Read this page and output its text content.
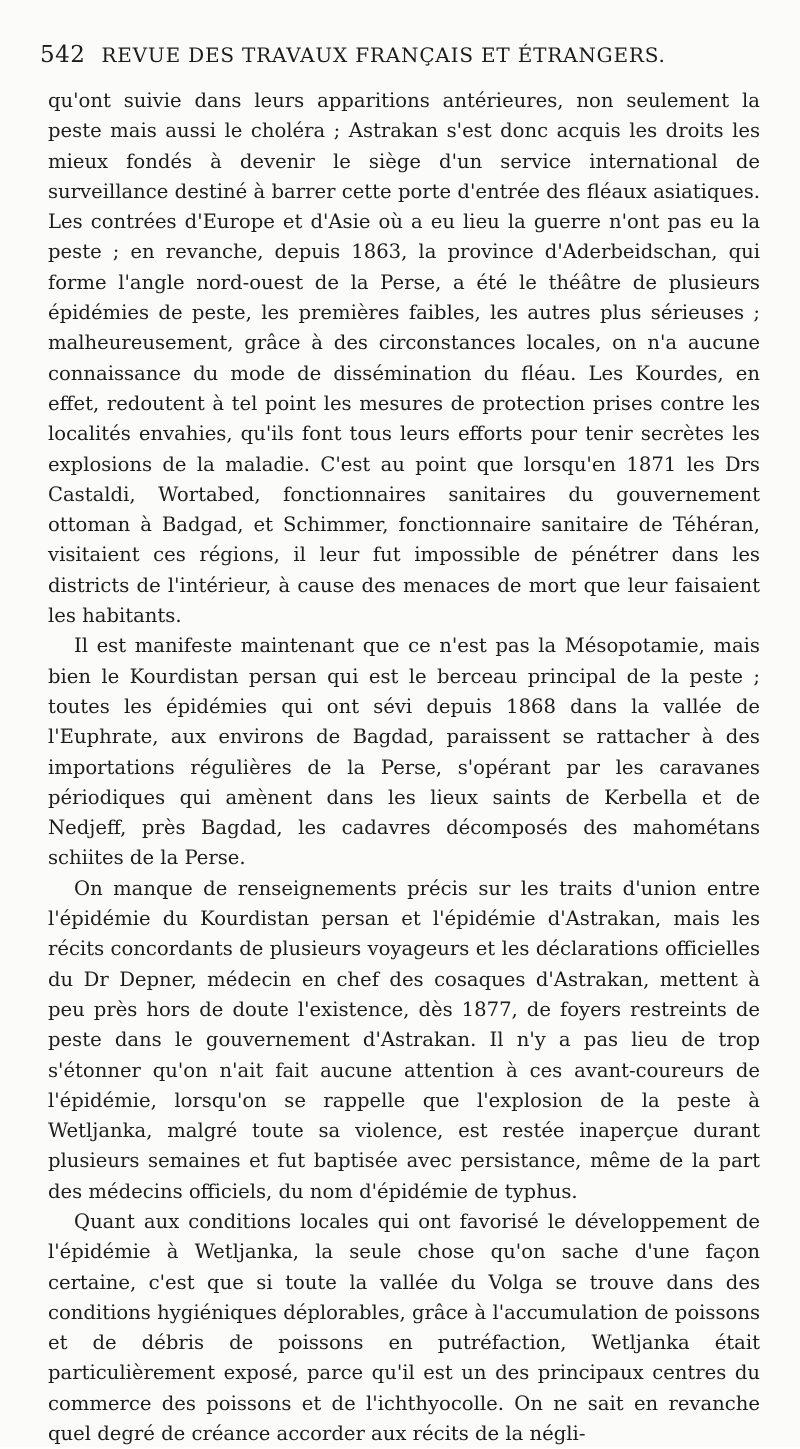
542 REVUE DES TRAVAUX FRANÇAIS ET ÉTRANGERS.

qu'ont suivie dans leurs apparitions antérieures, non seulement la peste mais aussi le choléra ; Astrakan s'est donc acquis les droits les mieux fondés à devenir le siège d'un service international de surveillance destiné à barrer cette porte d'entrée des fléaux asiatiques. Les contrées d'Europe et d'Asie où a eu lieu la guerre n'ont pas eu la peste ; en revanche, depuis 1863, la province d'Aderbeidschan, qui forme l'angle nord-ouest de la Perse, a été le théâtre de plusieurs épidémies de peste, les premières faibles, les autres plus sérieuses ; malheureusement, grâce à des circonstances locales, on n'a aucune connaissance du mode de dissémination du fléau. Les Kourdes, en effet, redoutent à tel point les mesures de protection prises contre les localités envahies, qu'ils font tous leurs efforts pour tenir secrètes les explosions de la maladie. C'est au point que lorsqu'en 1871 les Drs Castaldi, Wortabed, fonctionnaires sanitaires du gouvernement ottoman à Badgad, et Schimmer, fonctionnaire sanitaire de Téhéran, visitaient ces régions, il leur fut impossible de pénétrer dans les districts de l'intérieur, à cause des menaces de mort que leur faisaient les habitants.

Il est manifeste maintenant que ce n'est pas la Mésopotamie, mais bien le Kourdistan persan qui est le berceau principal de la peste ; toutes les épidémies qui ont sévi depuis 1868 dans la vallée de l'Euphrate, aux environs de Bagdad, paraissent se rattacher à des importations régulières de la Perse, s'opérant par les caravanes périodiques qui amènent dans les lieux saints de Kerbella et de Nedjeff, près Bagdad, les cadavres décomposés des mahométans schiites de la Perse.

On manque de renseignements précis sur les traits d'union entre l'épidémie du Kourdistan persan et l'épidémie d'Astrakan, mais les récits concordants de plusieurs voyageurs et les déclarations officielles du Dr Depner, médecin en chef des cosaques d'Astrakan, mettent à peu près hors de doute l'existence, dès 1877, de foyers restreints de peste dans le gouvernement d'Astrakan. Il n'y a pas lieu de trop s'étonner qu'on n'ait fait aucune attention à ces avant-coureurs de l'épidémie, lorsqu'on se rappelle que l'explosion de la peste à Wetljanka, malgré toute sa violence, est restée inaperçue durant plusieurs semaines et fut baptisée avec persistance, même de la part des médecins officiels, du nom d'épidémie de typhus.

Quant aux conditions locales qui ont favorisé le développement de l'épidémie à Wetljanka, la seule chose qu'on sache d'une façon certaine, c'est que si toute la vallée du Volga se trouve dans des conditions hygiéniques déplorables, grâce à l'accumulation de poissons et de débris de poissons en putréfaction, Wetljanka était particulièrement exposé, parce qu'il est un des principaux centres du commerce des poissons et de l'ichthyocolle. On ne sait en revanche quel degré de créance accorder aux récits de la négli-
